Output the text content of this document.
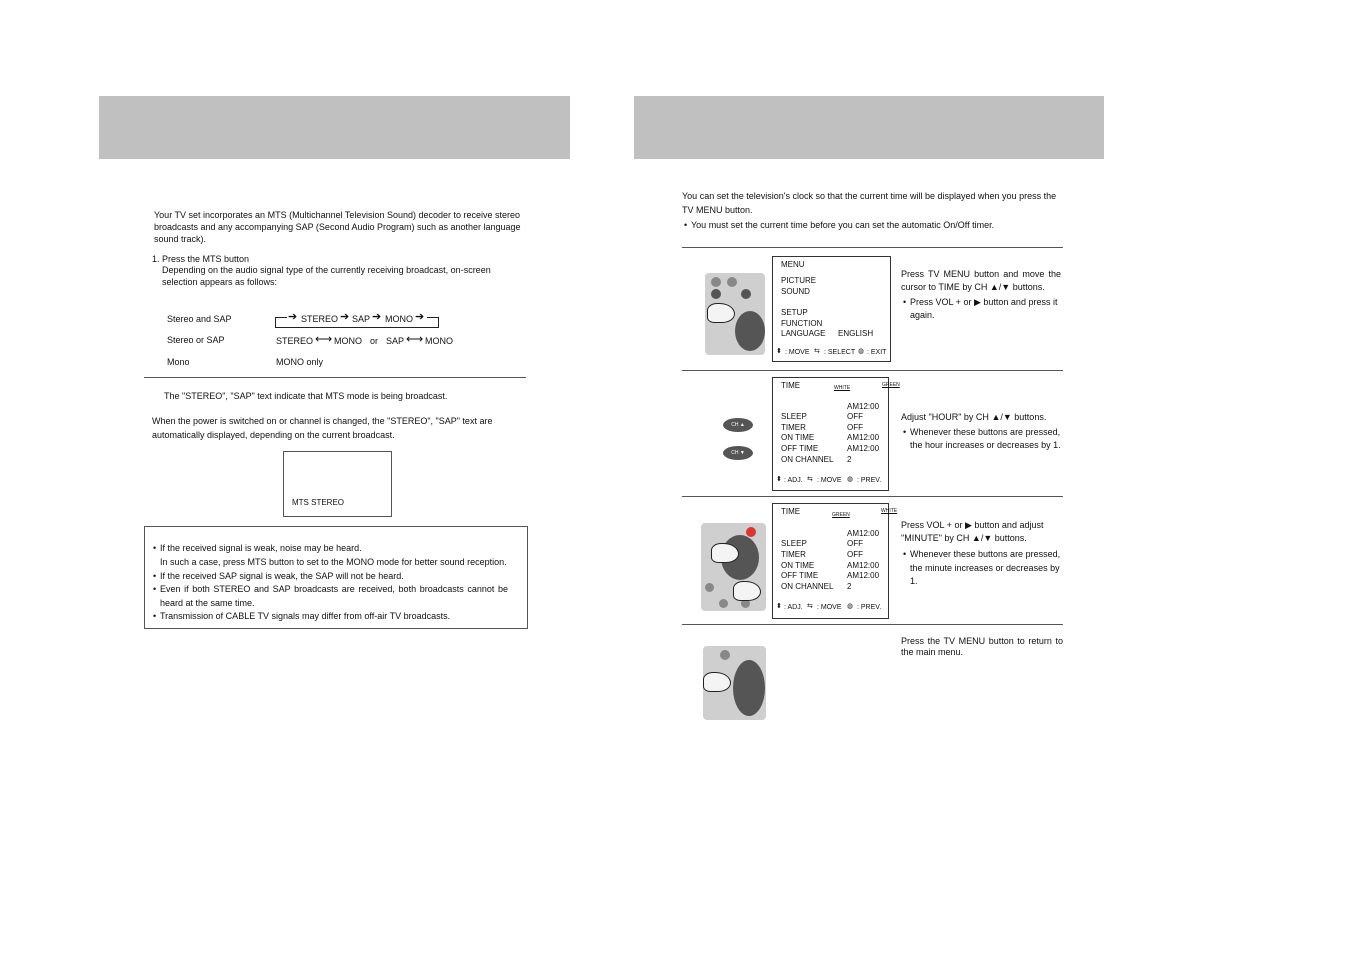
Your TV set incorporates an MTS (Multichannel Television Sound) decoder to receive stereo broadcasts and any accompanying SAP (Second Audio Program) such as another language sound track).
1. Press the MTS button
Depending on the audio signal type of the currently receiving broadcast, on-screen selection appears as follows:
Stereo and SAP	➔ STEREO ➔ SAP ➔ MONO ➔
Stereo or SAP	STEREO ⟷ MONO or SAP ⟷ MONO
Mono	MONO only
The "STEREO", "SAP" text indicate that MTS mode is being broadcast.
When the power is switched on or channel is changed, the "STEREO", "SAP" text are automatically displayed, depending on the current broadcast.
MTS STEREO
• If the received signal is weak, noise may be heard.
In such a case, press MTS button to set to the MONO mode for better sound reception.
• If the received SAP signal is weak, the SAP will not be heard.
• Even if both STEREO and SAP broadcasts are received, both broadcasts cannot be heard at the same time.
• Transmission of CABLE TV signals may differ from off-air TV broadcasts.
You can set the television's clock so that the current time will be displayed when you press the
TV MENU button.
• You must set the current time before you can set the automatic On/Off timer.
MENU
PICTURE
SOUND
SETUP
FUNCTION
LANGUAGE ENGLISH
⬍ : MOVE ⇆ : SELECT ◍ : EXIT
Press TV MENU button and move the cursor to TIME by CH ▲/▼ buttons.
• Press VOL + or ▶ button and press it again.
CH ▲
CH ▼
TIME	WHITE	GREEN
AM12:00
SLEEP	OFF
TIMER	OFF
ON TIME	AM12:00
OFF TIME	AM12:00
ON CHANNEL 2
⬍ : ADJ. ⇆ : MOVE ◍ : PREV.
Adjust "HOUR" by CH ▲/▼ buttons.
• Whenever these buttons are pressed, the hour increases or decreases by 1.
TIME	GREEN
WHITE
AM12:00
SLEEP	OFF
TIMER	OFF
ON TIME	AM12:00
OFF TIME	AM12:00
ON CHANNEL 2
⬍ : ADJ. ⇆ : MOVE ◍ : PREV.
Press VOL + or ▶ button and adjust "MINUTE" by CH ▲/▼ buttons.
• Whenever these buttons are pressed, the minute increases or decreases by 1.
Press the TV MENU button to return to the main menu.
